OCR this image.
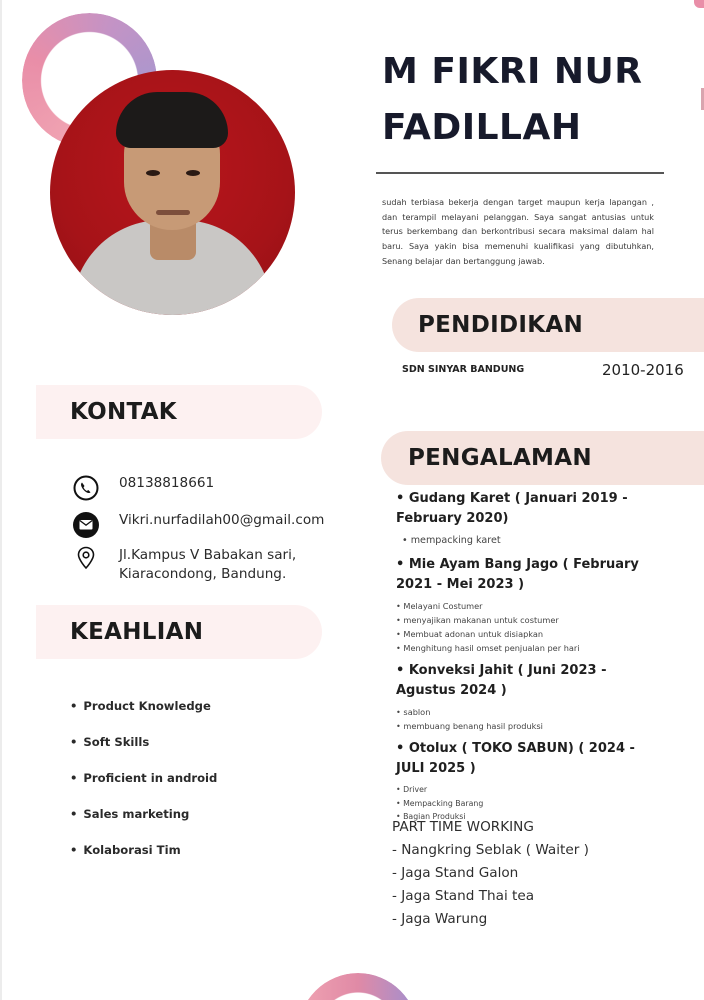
M FIKRI NUR
FADILLAH

sudah terbiasa bekerja dengan target maupun kerja lapangan , dan terampil melayani pelanggan. Saya sangat antusias untuk terus berkembang dan berkontribusi secara maksimal dalam hal baru. Saya yakin bisa memenuhi kualifikasi yang dibutuhkan, Senang belajar dan bertanggung jawab.

PENDIDIKAN
SDN SINYAR BANDUNG	2010-2016
PENGALAMAN
• Gudang Karet ( Januari 2019 - February 2020)
• mempacking karet
• Mie Ayam Bang Jago ( February 2021 - Mei 2023 )
• Melayani Costumer
• menyajikan makanan untuk costumer
• Membuat adonan untuk disiapkan
• Menghitung hasil omset penjualan per hari
• Konveksi Jahit ( Juni 2023 - Agustus 2024 )
• sablon
• membuang benang hasil produksi
• Otolux ( TOKO SABUN) ( 2024 - JULI 2025 )
• Driver
• Mempacking Barang
• Bagian Produksi
PART TIME WORKING
- Nangkring Seblak ( Waiter )
- Jaga Stand Galon
- Jaga Stand Thai tea
- Jaga Warung
KONTAK
08138818661
Vikri.nurfadilah00@gmail.com
Jl.Kampus V Babakan sari,
Kiaracondong, Bandung.
KEAHLIAN
• Product Knowledge
• Soft Skills
• Proficient in android
• Sales marketing
• Kolaborasi Tim
